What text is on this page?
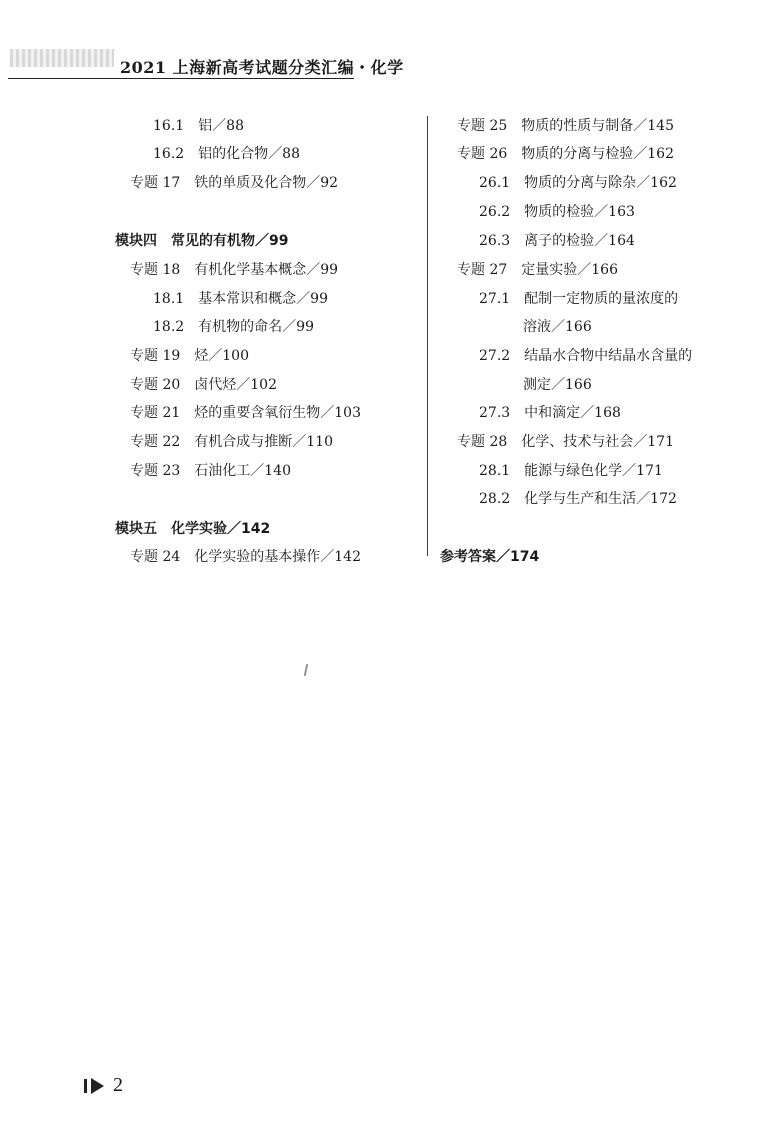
2021 上海新高考试题分类汇编・化学
16.1　铝／88
16.2　铝的化合物／88
专题 17　铁的单质及化合物／92
模块四　常见的有机物／99
专题 18　有机化学基本概念／99
18.1　基本常识和概念／99
18.2　有机物的命名／99
专题 19　烃／100
专题 20　卤代烃／102
专题 21　烃的重要含氧衍生物／103
专题 22　有机合成与推断／110
专题 23　石油化工／140
模块五　化学实验／142
专题 24　化学实验的基本操作／142
专题 25　物质的性质与制备／145
专题 26　物质的分离与检验／162
26.1　物质的分离与除杂／162
26.2　物质的检验／163
26.3　离子的检验／164
专题 27　定量实验／166
27.1　配制一定物质的量浓度的
溶液／166
27.2　结晶水合物中结晶水含量的
测定／166
27.3　中和滴定／168
专题 28　化学、技术与社会／171
28.1　能源与绿色化学／171
28.2　化学与生产和生活／172
参考答案／174
2
